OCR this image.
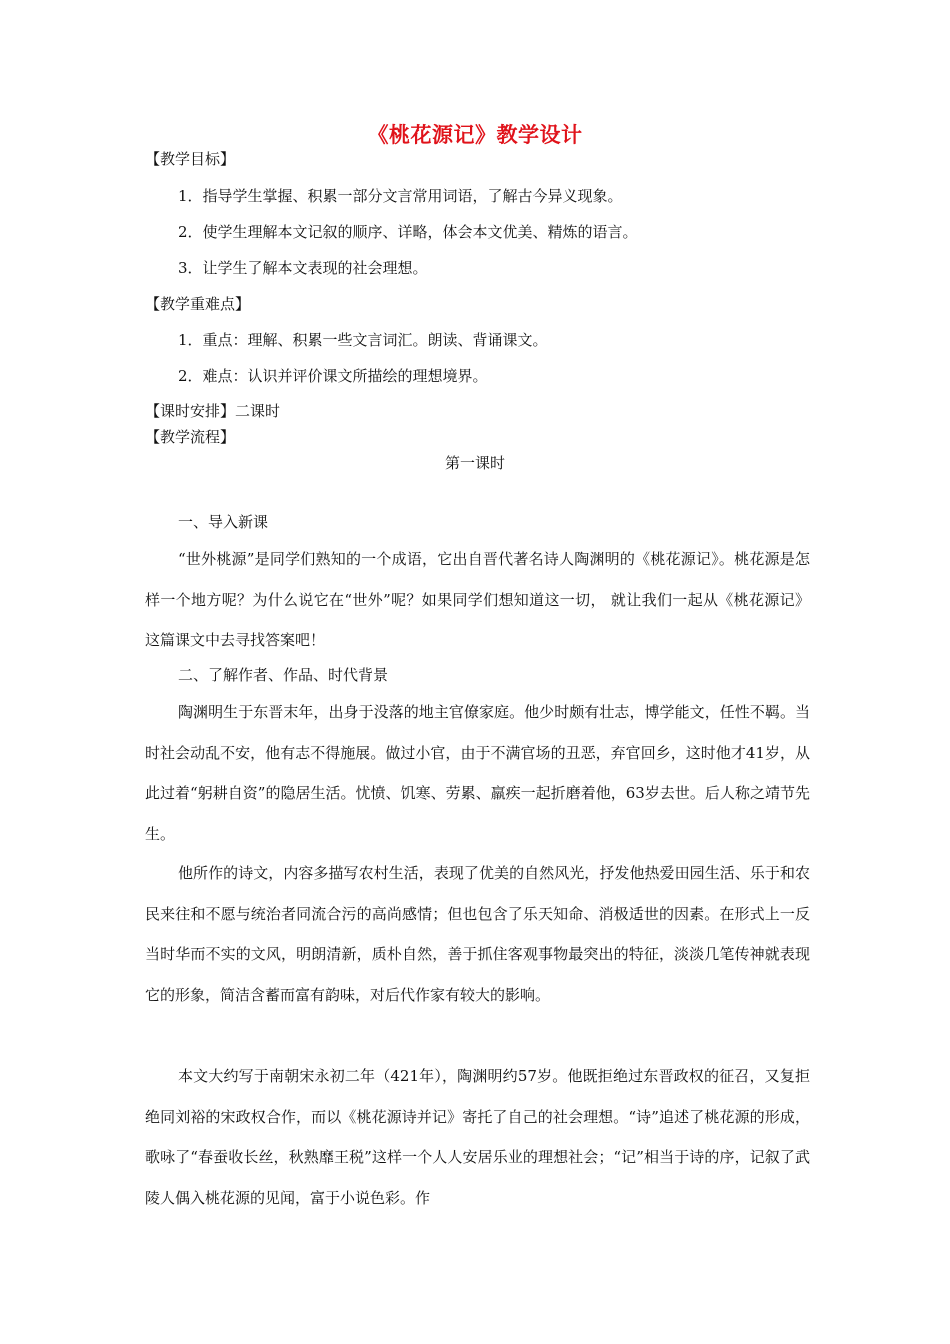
《桃花源记》教学设计
【教学目标】
1．指导学生掌握、积累一部分文言常用词语，了解古今异义现象。
2．使学生理解本文记叙的顺序、详略，体会本文优美、精炼的语言。
3．让学生了解本文表现的社会理想。
【教学重难点】
1．重点：理解、积累一些文言词汇。朗读、背诵课文。
2．难点：认识并评价课文所描绘的理想境界。
【课时安排】二课时
【教学流程】
第一课时
一、导入新课
“世外桃源”是同学们熟知的一个成语，它出自晋代著名诗人陶渊明的《桃花源记》。桃花源是怎样一个地方呢？为什么说它在“世外”呢？如果同学们想知道这一切， 就让我们一起从《桃花源记》这篇课文中去寻找答案吧！
二、了解作者、作品、时代背景
陶渊明生于东晋末年，出身于没落的地主官僚家庭。他少时颇有壮志，博学能文，任性不羁。当时社会动乱不安，他有志不得施展。做过小官，由于不满官场的丑恶，弃官回乡，这时他才41岁，从此过着“躬耕自资”的隐居生活。忧愤、饥寒、劳累、羸疾一起折磨着他，63岁去世。后人称之靖节先生。
他所作的诗文，内容多描写农村生活，表现了优美的自然风光，抒发他热爱田园生活、乐于和农民来往和不愿与统治者同流合污的高尚感情；但也包含了乐天知命、消极适世的因素。在形式上一反当时华而不实的文风，明朗清新，质朴自然，善于抓住客观事物最突出的特征，淡淡几笔传神就表现它的形象，简洁含蓄而富有韵味，对后代作家有较大的影响。
本文大约写于南朝宋永初二年（421年），陶渊明约57岁。他既拒绝过东晋政权的征召，又复拒绝同刘裕的宋政权合作，而以《桃花源诗并记》寄托了自己的社会理想。“诗”追述了桃花源的形成，歌咏了“春蚕收长丝，秋熟靡王税”这样一个人人安居乐业的理想社会；“记”相当于诗的序，记叙了武陵人偶入桃花源的见闻，富于小说色彩。作
